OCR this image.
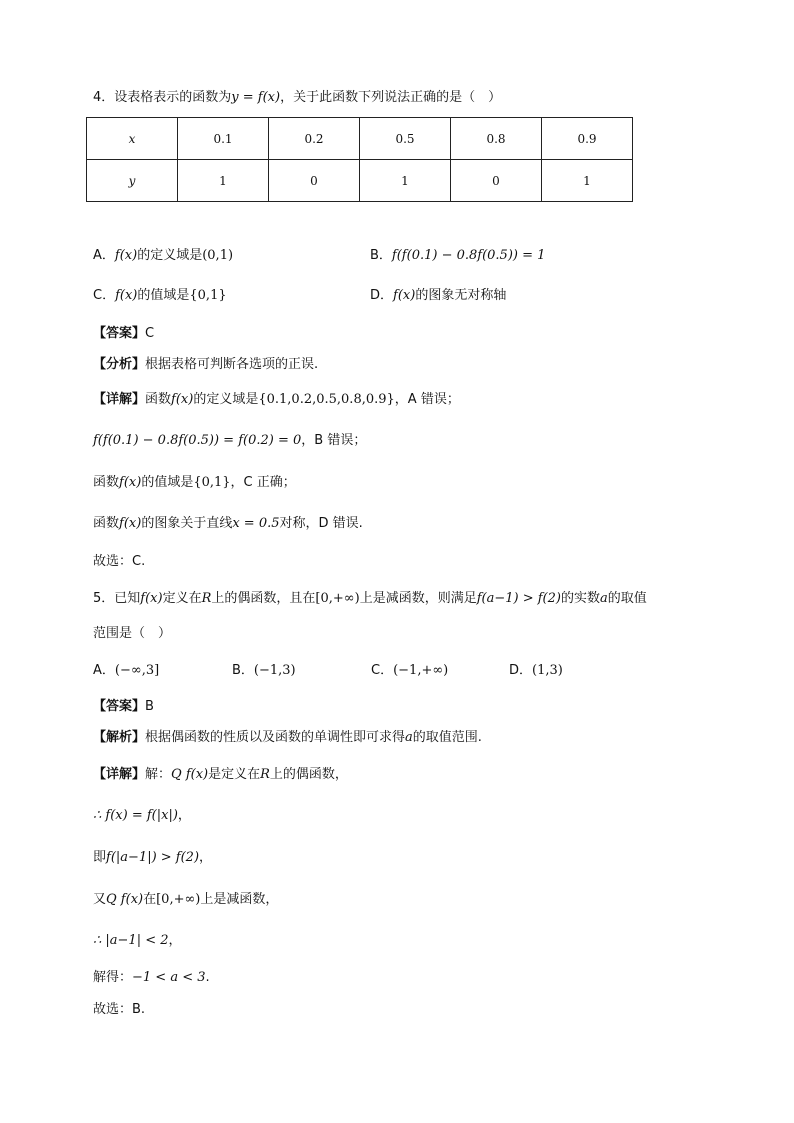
4．设表格表示的函数为y = f(x)，关于此函数下列说法正确的是（　）
x	0.1	0.2	0.5	0.8	0.9
y	1	0	1	0	1
A．f(x)的定义域是(0,1)	B．f(f(0.1) − 0.8f(0.5)) = 1
C．f(x)的值域是{0,1}	D．f(x)的图象无对称轴
【答案】C
【分析】根据表格可判断各选项的正误.
【详解】函数f(x)的定义域是{0.1,0.2,0.5,0.8,0.9}，A 错误；
f(f(0.1) − 0.8f(0.5)) = f(0.2) = 0，B 错误；
函数f(x)的值域是{0,1}，C 正确；
函数f(x)的图象关于直线x = 0.5对称，D 错误.
故选：C.
5．已知f(x)定义在R上的偶函数，且在[0,+∞)上是减函数，则满足f(a−1) > f(2)的实数a的取值
范围是（　）
A．(−∞,3]	B．(−1,3)	C．(−1,+∞)	D．(1,3)
【答案】B
【解析】根据偶函数的性质以及函数的单调性即可求得a的取值范围.
【详解】解：Q f(x)是定义在R上的偶函数，
∴ f(x) = f(|x|)，
即f(|a−1|) > f(2)，
又Q f(x)在[0,+∞)上是减函数，
∴ |a−1| < 2，
解得：−1 < a < 3.
故选：B.
